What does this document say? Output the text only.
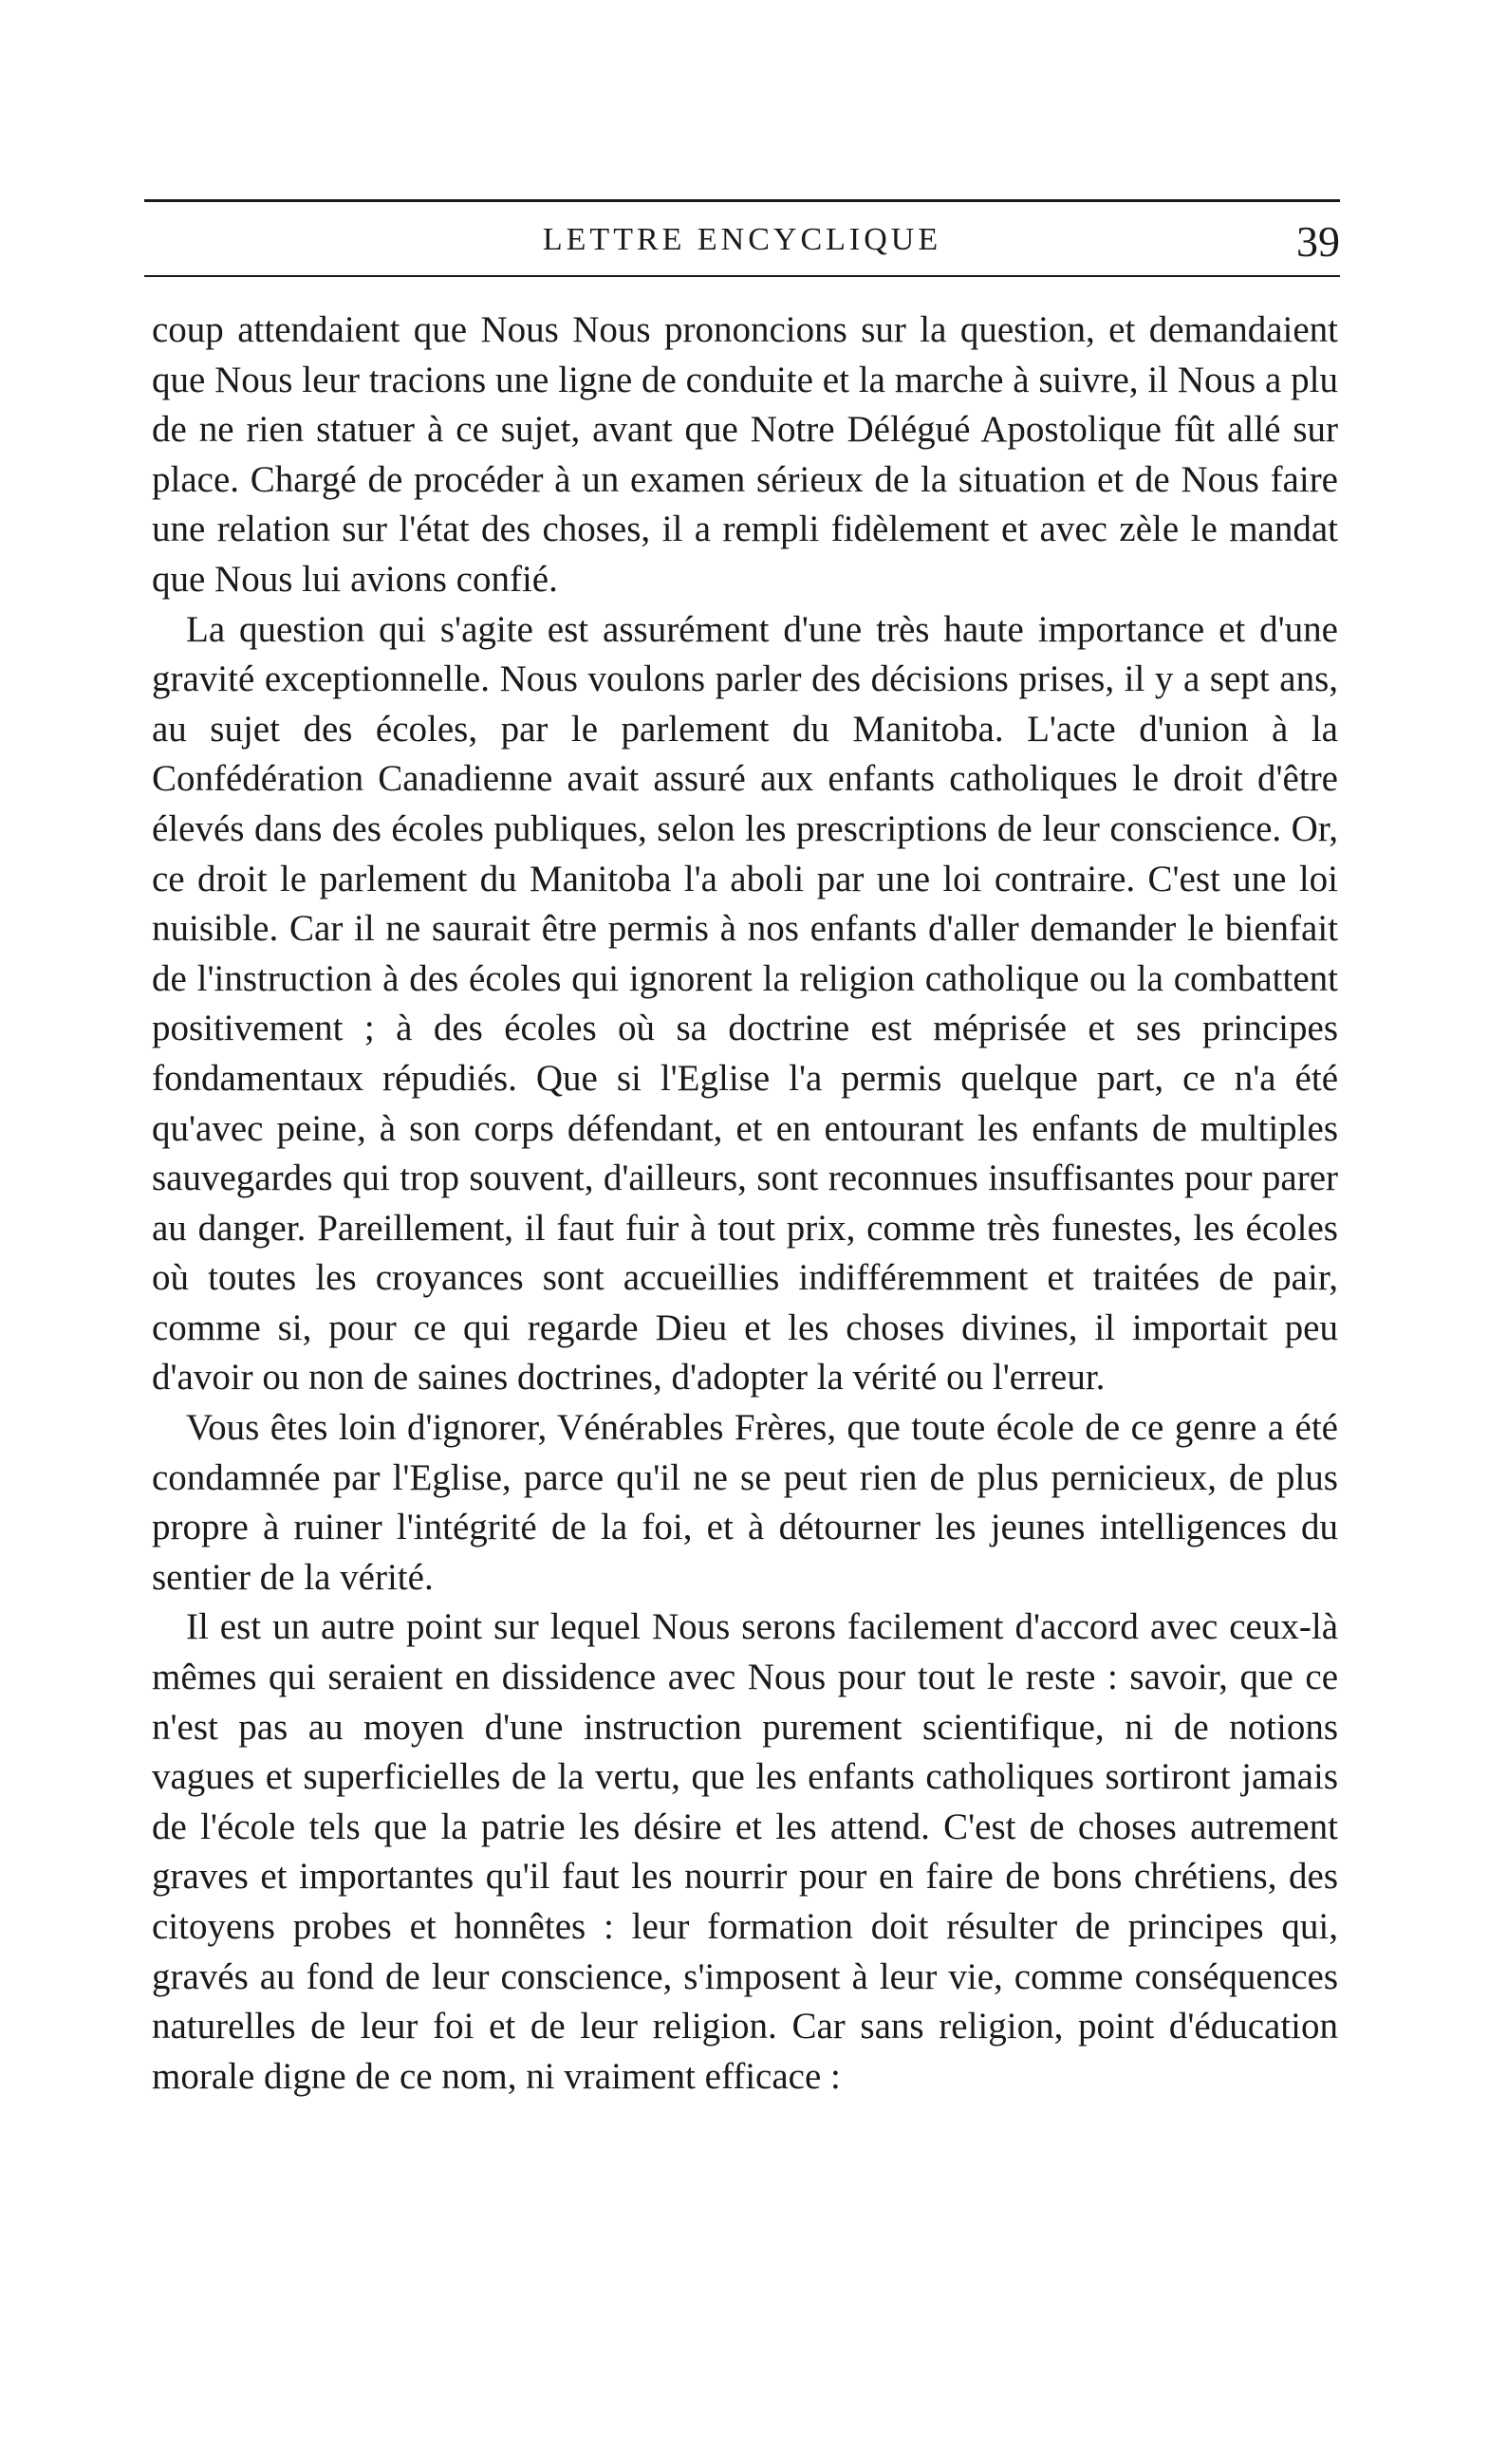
LETTRE ENCYCLIQUE	39

coup attendaient que Nous Nous prononcions sur la question, et demandaient que Nous leur tracions une ligne de conduite et la marche à suivre, il Nous a plu de ne rien statuer à ce sujet, avant que Notre Délégué Apostolique fût allé sur place. Chargé de procéder à un examen sérieux de la situation et de Nous faire une relation sur l'état des choses, il a rempli fidèlement et avec zèle le mandat que Nous lui avions confié.

La question qui s'agite est assurément d'une très haute importance et d'une gravité exceptionnelle. Nous voulons parler des décisions prises, il y a sept ans, au sujet des écoles, par le parlement du Manitoba. L'acte d'union à la Confédération Canadienne avait assuré aux enfants catholiques le droit d'être élevés dans des écoles publiques, selon les prescriptions de leur conscience. Or, ce droit le parlement du Manitoba l'a aboli par une loi contraire. C'est une loi nuisible. Car il ne saurait être permis à nos enfants d'aller demander le bienfait de l'instruction à des écoles qui ignorent la religion catholique ou la combattent positivement ; à des écoles où sa doctrine est méprisée et ses principes fondamentaux répudiés. Que si l'Eglise l'a permis quelque part, ce n'a été qu'avec peine, à son corps défendant, et en entourant les enfants de multiples sauvegardes qui trop souvent, d'ailleurs, sont reconnues insuffisantes pour parer au danger. Pareillement, il faut fuir à tout prix, comme très funestes, les écoles où toutes les croyances sont accueillies indifféremment et traitées de pair, comme si, pour ce qui regarde Dieu et les choses divines, il importait peu d'avoir ou non de saines doctrines, d'adopter la vérité ou l'erreur.

Vous êtes loin d'ignorer, Vénérables Frères, que toute école de ce genre a été condamnée par l'Eglise, parce qu'il ne se peut rien de plus pernicieux, de plus propre à ruiner l'intégrité de la foi, et à détourner les jeunes intelligences du sentier de la vérité.

Il est un autre point sur lequel Nous serons facilement d'accord avec ceux-là mêmes qui seraient en dissidence avec Nous pour tout le reste : savoir, que ce n'est pas au moyen d'une instruction purement scientifique, ni de notions vagues et superficielles de la vertu, que les enfants catholiques sortiront jamais de l'école tels que la patrie les désire et les attend. C'est de choses autrement graves et importantes qu'il faut les nourrir pour en faire de bons chrétiens, des citoyens probes et honnêtes : leur formation doit résulter de principes qui, gravés au fond de leur conscience, s'imposent à leur vie, comme conséquences naturelles de leur foi et de leur religion. Car sans religion, point d'éducation morale digne de ce nom, ni vraiment efficace :
